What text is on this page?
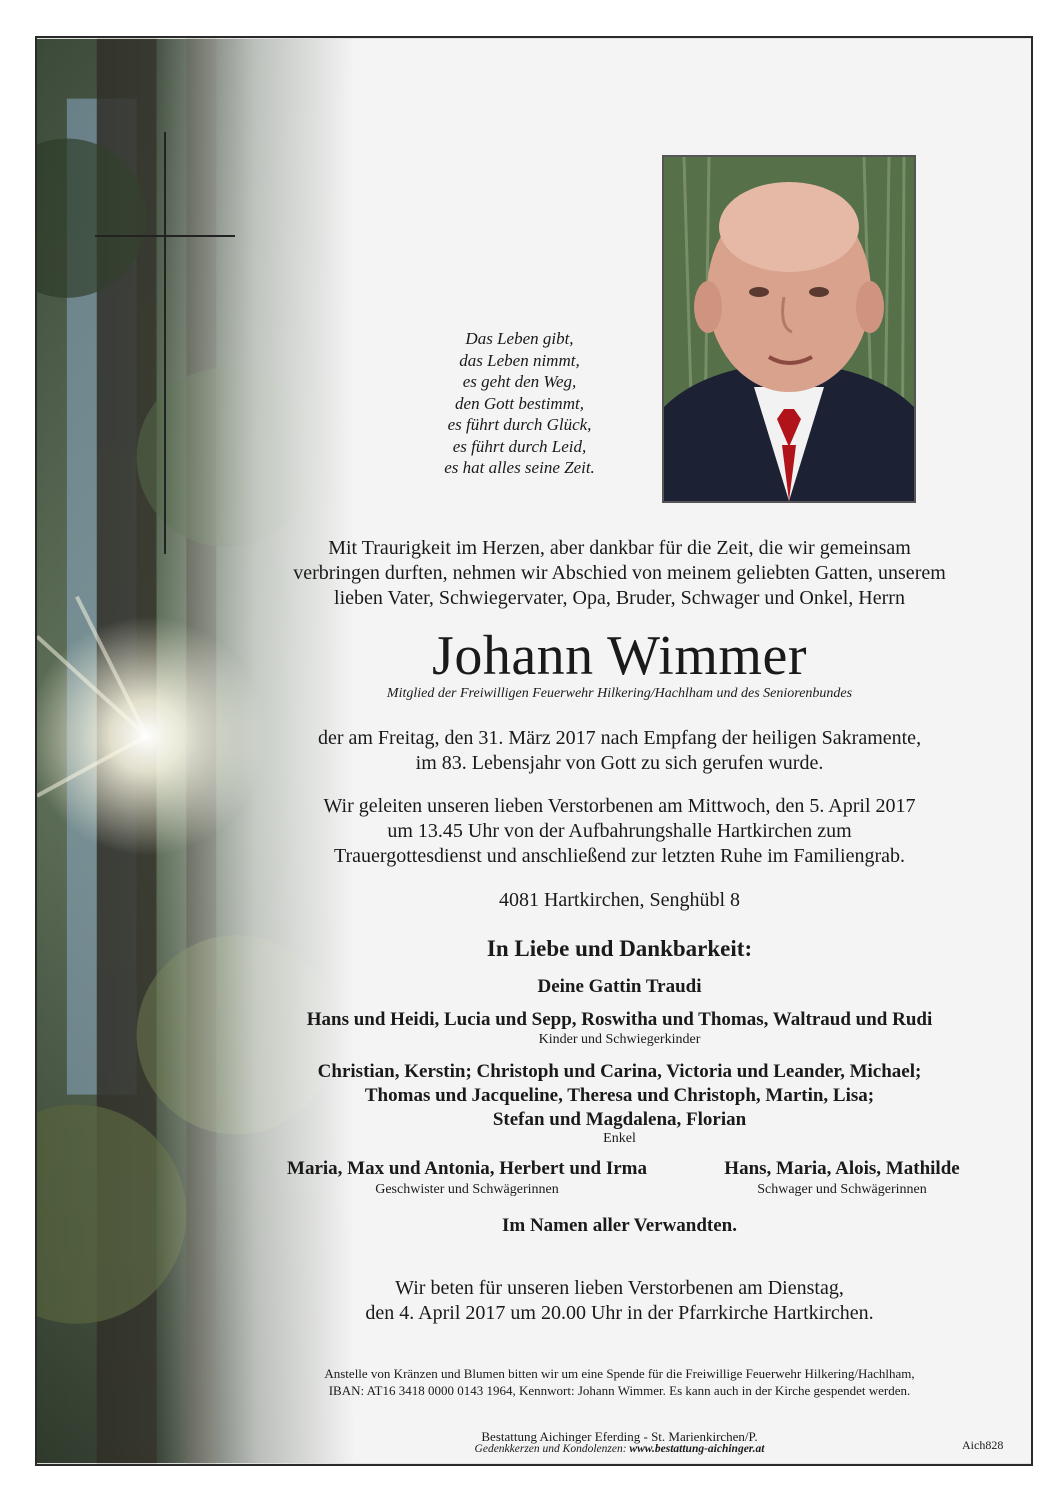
Das Leben gibt,
das Leben nimmt,
es geht den Weg,
den Gott bestimmt,
es führt durch Glück,
es führt durch Leid,
es hat alles seine Zeit.
Mit Traurigkeit im Herzen, aber dankbar für die Zeit, die wir gemeinsam
verbringen durften, nehmen wir Abschied von meinem geliebten Gatten, unserem
lieben Vater, Schwiegervater, Opa, Bruder, Schwager und Onkel, Herrn
Johann Wimmer
Mitglied der Freiwilligen Feuerwehr Hilkering/Hachlham und des Seniorenbundes
der am Freitag, den 31. März 2017 nach Empfang der heiligen Sakramente,
im 83. Lebensjahr von Gott zu sich gerufen wurde.
Wir geleiten unseren lieben Verstorbenen am Mittwoch, den 5. April 2017
um 13.45 Uhr von der Aufbahrungshalle Hartkirchen zum
Trauergottesdienst und anschließend zur letzten Ruhe im Familiengrab.
4081 Hartkirchen, Senghübl 8
In Liebe und Dankbarkeit:
Deine Gattin Traudi
Hans und Heidi, Lucia und Sepp, Roswitha und Thomas, Waltraud und Rudi
Kinder und Schwiegerkinder
Christian, Kerstin; Christoph und Carina, Victoria und Leander, Michael;
Thomas und Jacqueline, Theresa und Christoph, Martin, Lisa;
Stefan und Magdalena, Florian
Enkel
Maria, Max und Antonia, Herbert und Irma
Geschwister und Schwägerinnen
Hans, Maria, Alois, Mathilde
Schwager und Schwägerinnen
Im Namen aller Verwandten.
Wir beten für unseren lieben Verstorbenen am Dienstag,
den 4. April 2017 um 20.00 Uhr in der Pfarrkirche Hartkirchen.
Anstelle von Kränzen und Blumen bitten wir um eine Spende für die Freiwillige Feuerwehr Hilkering/Hachlham,
IBAN: AT16 3418 0000 0143 1964, Kennwort: Johann Wimmer. Es kann auch in der Kirche gespendet werden.
Bestattung Aichinger Eferding - St. Marienkirchen/P.
Gedenkkerzen und Kondolenzen: www.bestattung-aichinger.at	Aich828
